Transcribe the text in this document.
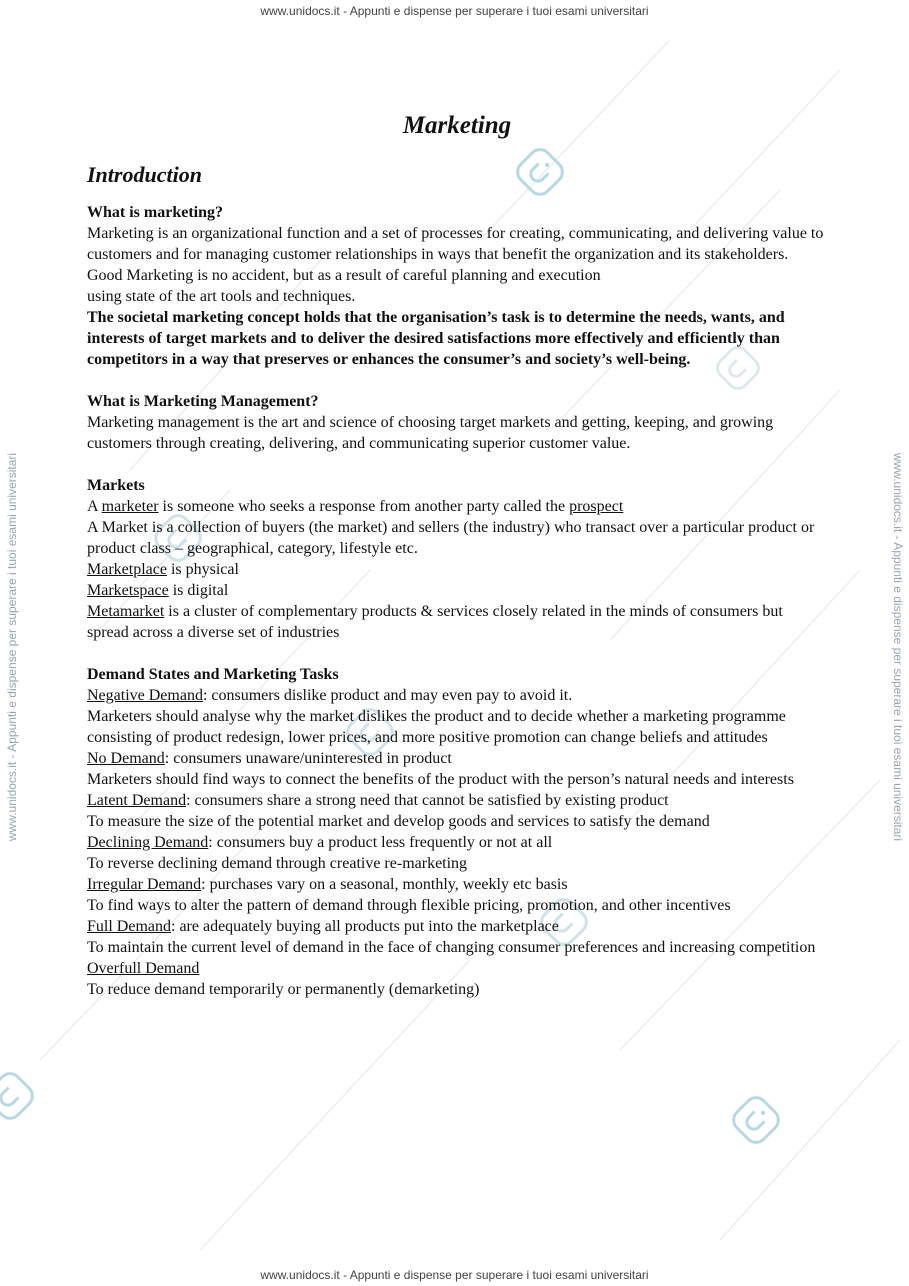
www.unidocs.it - Appunti e dispense per superare i tuoi esami universitari
www.unidocs.it - Appunti e dispense per superare i tuoi esami universitari
www.unidocs.it - Appunti e dispense per superare i tuoi esami universitari	www.unidocs.it - Appunti e dispense per superare i tuoi esami universitari
Marketing
Introduction
What is marketing?
Marketing is an organizational function and a set of processes for creating, communicating, and delivering value to customers and for managing customer relationships in ways that benefit the organization and its stakeholders.
Good Marketing is no accident, but as a result of careful planning and execution
using state of the art tools and techniques.
The societal marketing concept holds that the organisation’s task is to determine the needs, wants, and interests of target markets and to deliver the desired satisfactions more effectively and efficiently than competitors in a way that preserves or enhances the consumer’s and society’s well-being.
What is Marketing Management?
Marketing management is the art and science of choosing target markets and getting, keeping, and growing customers through creating, delivering, and communicating superior customer value.
Markets
A marketer is someone who seeks a response from another party called the prospect
A Market is a collection of buyers (the market) and sellers (the industry) who transact over a particular product or product class – geographical, category, lifestyle etc.
Marketplace is physical
Marketspace is digital
Metamarket is a cluster of complementary products & services closely related in the minds of consumers but spread across a diverse set of industries
Demand States and Marketing Tasks
Negative Demand: consumers dislike product and may even pay to avoid it.
Marketers should analyse why the market dislikes the product and to decide whether a marketing programme consisting of product redesign, lower prices, and more positive promotion can change beliefs and attitudes
No Demand: consumers unaware/uninterested in product
Marketers should find ways to connect the benefits of the product with the person’s natural needs and interests
Latent Demand: consumers share a strong need that cannot be satisfied by existing product
To measure the size of the potential market and develop goods and services to satisfy the demand
Declining Demand: consumers buy a product less frequently or not at all
To reverse declining demand through creative re-marketing
Irregular Demand: purchases vary on a seasonal, monthly, weekly etc basis
To find ways to alter the pattern of demand through flexible pricing, promotion, and other incentives
Full Demand: are adequately buying all products put into the marketplace
To maintain the current level of demand in the face of changing consumer preferences and increasing competition
Overfull Demand
To reduce demand temporarily or permanently (demarketing)
